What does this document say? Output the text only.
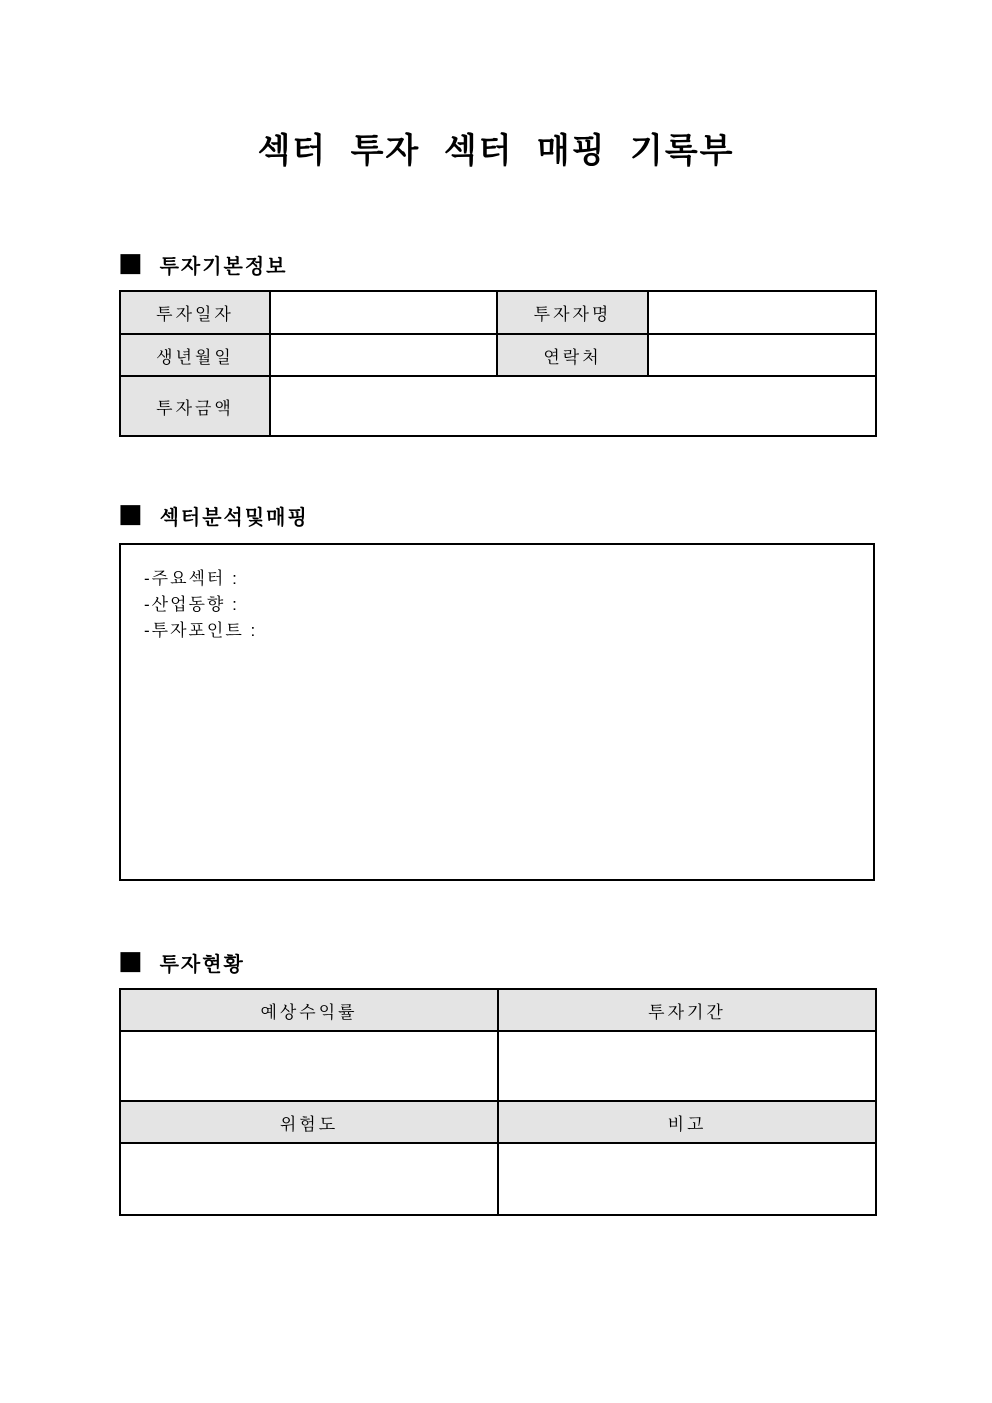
섹터 투자 섹터 매핑 기록부
■ 투자기본정보
투자일자		투자자명	
생년월일		연락처	
투자금액			
■ 섹터분석및매핑
-주요섹터 :
-산업동향 :
-투자포인트 :
■ 투자현황
예상수익률	투자기간

위험도	비고
